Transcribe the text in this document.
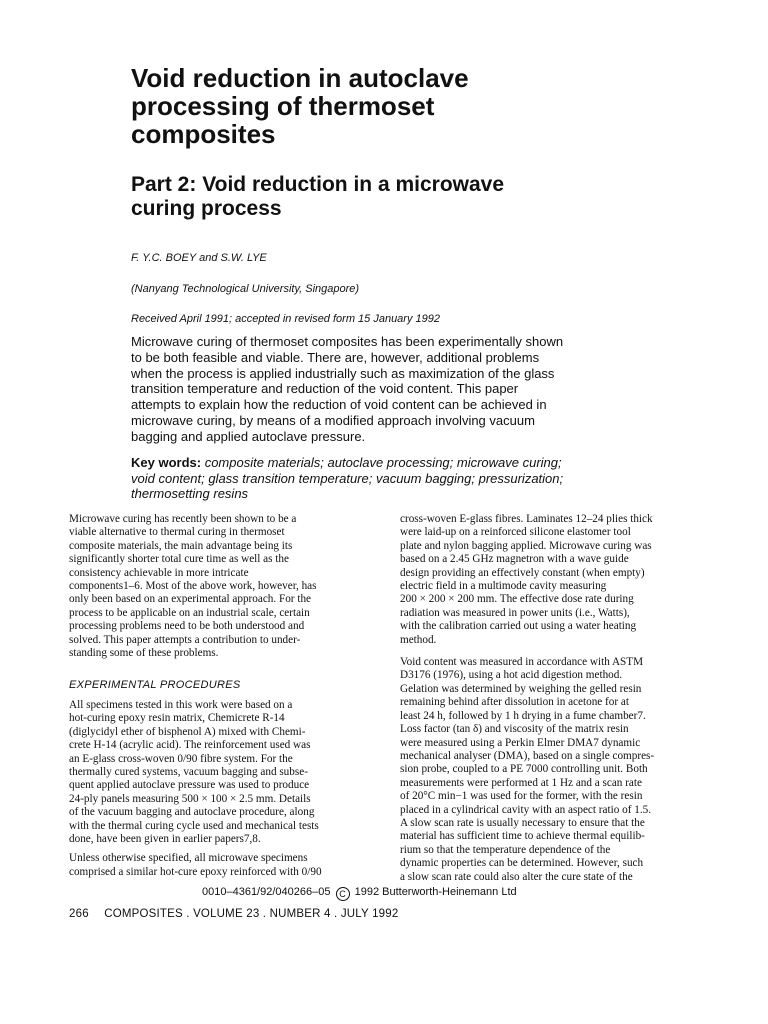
Void reduction in autoclave
processing of thermoset
composites
Part 2: Void reduction in a microwave
curing process

F. Y.C. BOEY and S.W. LYE

(Nanyang Technological University, Singapore)

Received April 1991; accepted in revised form 15 January 1992

Microwave curing of thermoset composites has been experimentally shown
to be both feasible and viable. There are, however, additional problems
when the process is applied industrially such as maximization of the glass
transition temperature and reduction of the void content. This paper
attempts to explain how the reduction of void content can be achieved in
microwave curing, by means of a modified approach involving vacuum
bagging and applied autoclave pressure.
Key words: composite materials; autoclave processing; microwave curing;
void content; glass transition temperature; vacuum bagging; pressurization;
thermosetting resins

Microwave curing has recently been shown to be a
viable alternative to thermal curing in thermoset
composite materials, the main advantage being its
significantly shorter total cure time as well as the
consistency achievable in more intricate
components1–6. Most of the above work, however, has
only been based on an experimental approach. For the
process to be applicable on an industrial scale, certain
processing problems need to be both understood and
solved. This paper attempts a contribution to under-
standing some of these problems.

EXPERIMENTAL PROCEDURES

All specimens tested in this work were based on a
hot-curing epoxy resin matrix, Chemicrete R-14
(diglycidyl ether of bisphenol A) mixed with Chemi-
crete H-14 (acrylic acid). The reinforcement used was
an E-glass cross-woven 0/90 fibre system. For the
thermally cured systems, vacuum bagging and subse-
quent applied autoclave pressure was used to produce
24-ply panels measuring 500 × 100 × 2.5 mm. Details
of the vacuum bagging and autoclave procedure, along
with the thermal curing cycle used and mechanical tests
done, have been given in earlier papers7,8.

Unless otherwise specified, all microwave specimens
comprised a similar hot-cure epoxy reinforced with 0/90

cross-woven E-glass fibres. Laminates 12–24 plies thick
were laid-up on a reinforced silicone elastomer tool
plate and nylon bagging applied. Microwave curing was
based on a 2.45 GHz magnetron with a wave guide
design providing an effectively constant (when empty)
electric field in a multimode cavity measuring
200 × 200 × 200 mm. The effective dose rate during
radiation was measured in power units (i.e., Watts),
with the calibration carried out using a water heating
method.

Void content was measured in accordance with ASTM
D3176 (1976), using a hot acid digestion method.
Gelation was determined by weighing the gelled resin
remaining behind after dissolution in acetone for at
least 24 h, followed by 1 h drying in a fume chamber7.
Loss factor (tan δ) and viscosity of the matrix resin
were measured using a Perkin Elmer DMA7 dynamic
mechanical analyser (DMA), based on a single compres-
sion probe, coupled to a PE 7000 controlling unit. Both
measurements were performed at 1 Hz and a scan rate
of 20°C min−1 was used for the former, with the resin
placed in a cylindrical cavity with an aspect ratio of 1.5.
A slow scan rate is usually necessary to ensure that the
material has sufficient time to achieve thermal equilib-
rium so that the temperature dependence of the
dynamic properties can be determined. However, such
a slow scan rate could also alter the cure state of the

0010–4361/92/040266–05 C 1992 Butterworth-Heinemann Ltd

266 COMPOSITES . VOLUME 23 . NUMBER 4 . JULY 1992
